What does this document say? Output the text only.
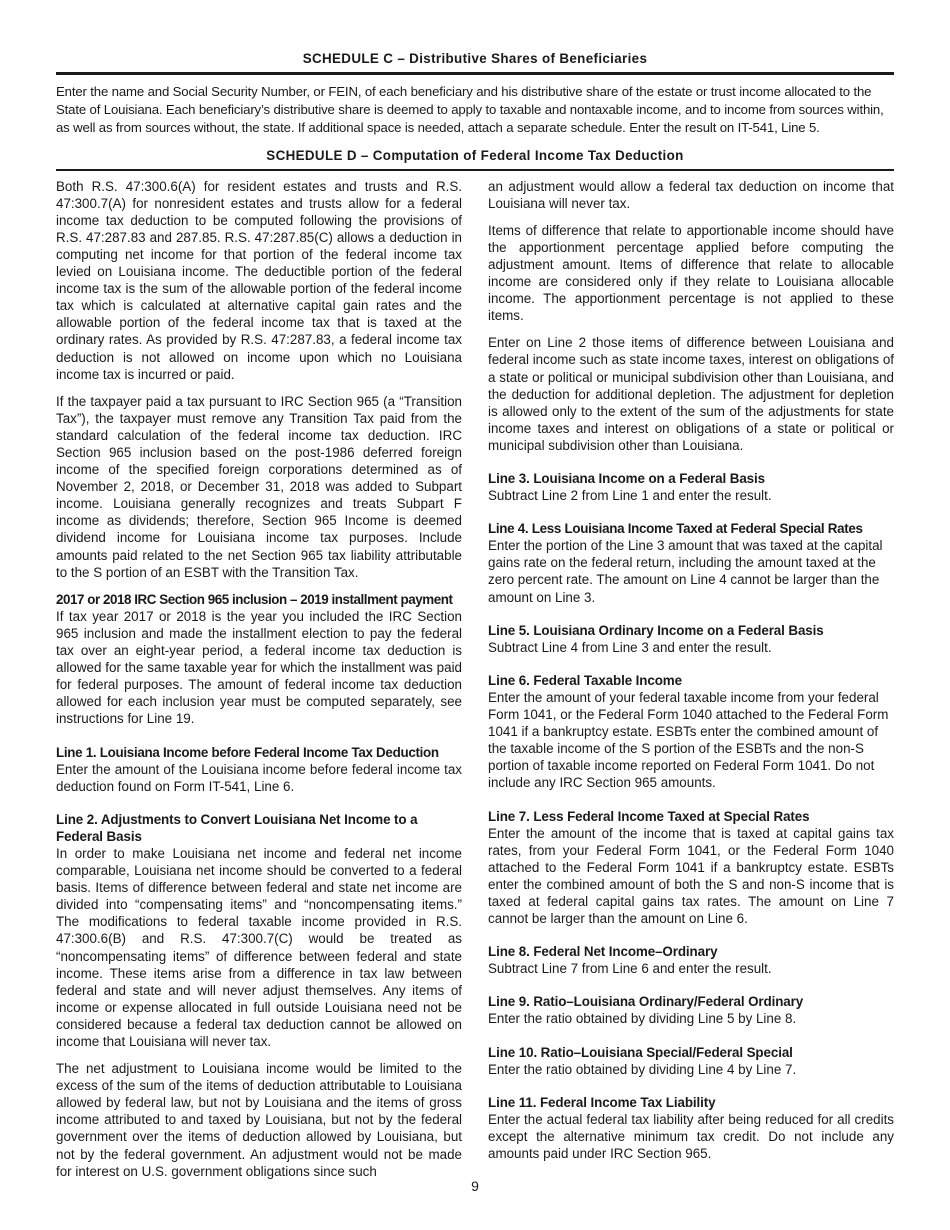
SCHEDULE C – Distributive Shares of Beneficiaries

Enter the name and Social Security Number, or FEIN, of each beneficiary and his distributive share of the estate or trust income allocated to the State of Louisiana. Each beneficiary’s distributive share is deemed to apply to taxable and nontaxable income, and to income from sources within, as well as from sources without, the state. If additional space is needed, attach a separate schedule. Enter the result on IT-541, Line 5.

SCHEDULE D – Computation of Federal Income Tax Deduction

Both R.S. 47:300.6(A) for resident estates and trusts and R.S. 47:300.7(A) for nonresident estates and trusts allow for a federal income tax deduction to be computed following the provisions of R.S. 47:287.83 and 287.85. R.S. 47:287.85(C) allows a deduction in computing net income for that portion of the federal income tax levied on Louisiana income. The deductible portion of the federal income tax is the sum of the allowable portion of the federal income tax which is calculated at alternative capital gain rates and the allowable portion of the federal income tax that is taxed at the ordinary rates. As provided by R.S. 47:287.83, a federal income tax deduction is not allowed on income upon which no Louisiana income tax is incurred or paid.

If the taxpayer paid a tax pursuant to IRC Section 965 (a “Transition Tax”), the taxpayer must remove any Transition Tax paid from the standard calculation of the federal income tax deduction. IRC Section 965 inclusion based on the post-1986 deferred foreign income of the specified foreign corporations determined as of November 2, 2018, or December 31, 2018 was added to Subpart income. Louisiana generally recognizes and treats Subpart F income as dividends; therefore, Section 965 Income is deemed dividend income for Louisiana income tax purposes. Include amounts paid related to the net Section 965 tax liability attributable to the S portion of an ESBT with the Transition Tax.

2017 or 2018 IRC Section 965 inclusion – 2019 installment payment
If tax year 2017 or 2018 is the year you included the IRC Section 965 inclusion and made the installment election to pay the federal tax over an eight-year period, a federal income tax deduction is allowed for the same taxable year for which the installment was paid for federal purposes. The amount of federal income tax deduction allowed for each inclusion year must be computed separately, see instructions for Line 19.
Line 1. Louisiana Income before Federal Income Tax Deduction
Enter the amount of the Louisiana income before federal income tax deduction found on Form IT-541, Line 6.
Line 2. Adjustments to Convert Louisiana Net Income to a Federal Basis
In order to make Louisiana net income and federal net income comparable, Louisiana net income should be converted to a federal basis. Items of difference between federal and state net income are divided into “compensating items” and “noncompensating items.” The modifications to federal taxable income provided in R.S. 47:300.6(B) and R.S. 47:300.7(C) would be treated as “noncompensating items” of difference between federal and state income. These items arise from a difference in tax law between federal and state and will never adjust themselves. Any items of income or expense allocated in full outside Louisiana need not be considered because a federal tax deduction cannot be allowed on income that Louisiana will never tax.

The net adjustment to Louisiana income would be limited to the excess of the sum of the items of deduction attributable to Louisiana allowed by federal law, but not by Louisiana and the items of gross income attributed to and taxed by Louisiana, but not by the federal government over the items of deduction allowed by Louisiana, but not by the federal government. An adjustment would not be made for interest on U.S. government obligations since such

an adjustment would allow a federal tax deduction on income that Louisiana will never tax.

Items of difference that relate to apportionable income should have the apportionment percentage applied before computing the adjustment amount. Items of difference that relate to allocable income are considered only if they relate to Louisiana allocable income. The apportionment percentage is not applied to these items.

Enter on Line 2 those items of difference between Louisiana and federal income such as state income taxes, interest on obligations of a state or political or municipal subdivision other than Louisiana, and the deduction for additional depletion. The adjustment for depletion is allowed only to the extent of the sum of the adjustments for state income taxes and interest on obligations of a state or political or municipal subdivision other than Louisiana.

Line 3. Louisiana Income on a Federal Basis
Subtract Line 2 from Line 1 and enter the result.
Line 4. Less Louisiana Income Taxed at Federal Special Rates
Enter the portion of the Line 3 amount that was taxed at the capital gains rate on the federal return, including the amount taxed at the zero percent rate. The amount on Line 4 cannot be larger than the amount on Line 3.
Line 5. Louisiana Ordinary Income on a Federal Basis
Subtract Line 4 from Line 3 and enter the result.
Line 6. Federal Taxable Income
Enter the amount of your federal taxable income from your federal Form 1041, or the Federal Form 1040 attached to the Federal Form 1041 if a bankruptcy estate. ESBTs enter the combined amount of the taxable income of the S portion of the ESBTs and the non-S portion of taxable income reported on Federal Form 1041. Do not include any IRC Section 965 amounts.
Line 7. Less Federal Income Taxed at Special Rates
Enter the amount of the income that is taxed at capital gains tax rates, from your Federal Form 1041, or the Federal Form 1040 attached to the Federal Form 1041 if a bankruptcy estate. ESBTs enter the combined amount of both the S and non-S income that is taxed at federal capital gains tax rates. The amount on Line 7 cannot be larger than the amount on Line 6.
Line 8. Federal Net Income–Ordinary
Subtract Line 7 from Line 6 and enter the result.
Line 9. Ratio–Louisiana Ordinary/Federal Ordinary
Enter the ratio obtained by dividing Line 5 by Line 8.
Line 10. Ratio–Louisiana Special/Federal Special
Enter the ratio obtained by dividing Line 4 by Line 7.
Line 11. Federal Income Tax Liability
Enter the actual federal tax liability after being reduced for all credits except the alternative minimum tax credit. Do not include any amounts paid under IRC Section 965.
9
